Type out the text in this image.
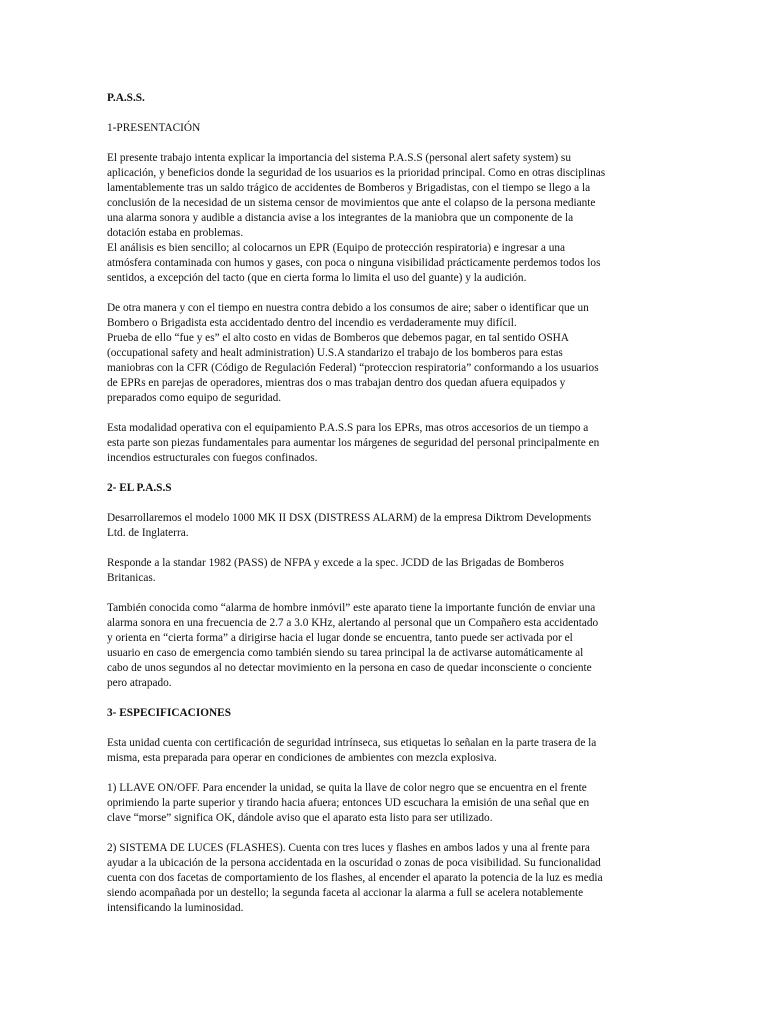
P.A.S.S.

1-PRESENTACIÓN

El presente trabajo intenta explicar la importancia del sistema P.A.S.S (personal alert safety system) su
aplicación, y beneficios donde la seguridad de los usuarios es la prioridad principal. Como en otras disciplinas
lamentablemente tras un saldo trágico de accidentes de Bomberos y Brigadistas, con el tiempo se llego a la
conclusión de la necesidad de un sistema censor de movimientos que ante el colapso de la persona mediante
una alarma sonora y audible a distancia avise a los integrantes de la maniobra que un componente de la
dotación estaba en problemas.
El análisis es bien sencillo; al colocarnos un EPR (Equipo de protección respiratoria) e ingresar a una
atmósfera contaminada con humos y gases, con poca o ninguna visibilidad prácticamente perdemos todos los
sentidos, a excepción del tacto (que en cierta forma lo limita el uso del guante) y la audición.

De otra manera y con el tiempo en nuestra contra debido a los consumos de aire; saber o identificar que un
Bombero o Brigadista esta accidentado dentro del incendio es verdaderamente muy difícil.
Prueba de ello “fue y es” el alto costo en vidas de Bomberos que debemos pagar, en tal sentido OSHA
(occupational safety and healt administration) U.S.A standarizo el trabajo de los bomberos para estas
maniobras con la CFR (Código de Regulación Federal) “proteccion respiratoria” conformando a los usuarios
de EPRs en parejas de operadores, mientras dos o mas trabajan dentro dos quedan afuera equipados y
preparados como equipo de seguridad.

Esta modalidad operativa con el equipamiento P.A.S.S para los EPRs, mas otros accesorios de un tiempo a
esta parte son piezas fundamentales para aumentar los márgenes de seguridad del personal principalmente en
incendios estructurales con fuegos confinados.

2- EL P.A.S.S

Desarrollaremos el modelo 1000 MK II DSX (DISTRESS ALARM) de la empresa Diktrom Developments
Ltd. de Inglaterra.

Responde a la standar 1982 (PASS) de NFPA y excede a la spec. JCDD de las Brigadas de Bomberos
Britanicas.

También conocida como “alarma de hombre inmóvil” este aparato tiene la importante función de enviar una
alarma sonora en una frecuencia de 2.7 a 3.0 KHz, alertando al personal que un Compañero esta accidentado
y orienta en “cierta forma” a dirigirse hacia el lugar donde se encuentra, tanto puede ser activada por el
usuario en caso de emergencia como también siendo su tarea principal la de activarse automáticamente al
cabo de unos segundos al no detectar movimiento en la persona en caso de quedar inconsciente o conciente
pero atrapado.

3- ESPECIFICACIONES

Esta unidad cuenta con certificación de seguridad intrínseca, sus etiquetas lo señalan en la parte trasera de la
misma, esta preparada para operar en condiciones de ambientes con mezcla explosiva.

1) LLAVE ON/OFF. Para encender la unidad, se quita la llave de color negro que se encuentra en el frente
oprimiendo la parte superior y tirando hacia afuera; entonces UD escuchara la emisión de una señal que en
clave “morse” significa OK, dándole aviso que el aparato esta listo para ser utilizado.

2) SISTEMA DE LUCES (FLASHES). Cuenta con tres luces y flashes en ambos lados y una al frente para
ayudar a la ubicación de la persona accidentada en la oscuridad o zonas de poca visibilidad. Su funcionalidad
cuenta con dos facetas de comportamiento de los flashes, al encender el aparato la potencia de la luz es media
siendo acompañada por un destello; la segunda faceta al accionar la alarma a full se acelera notablemente
intensificando la luminosidad.
